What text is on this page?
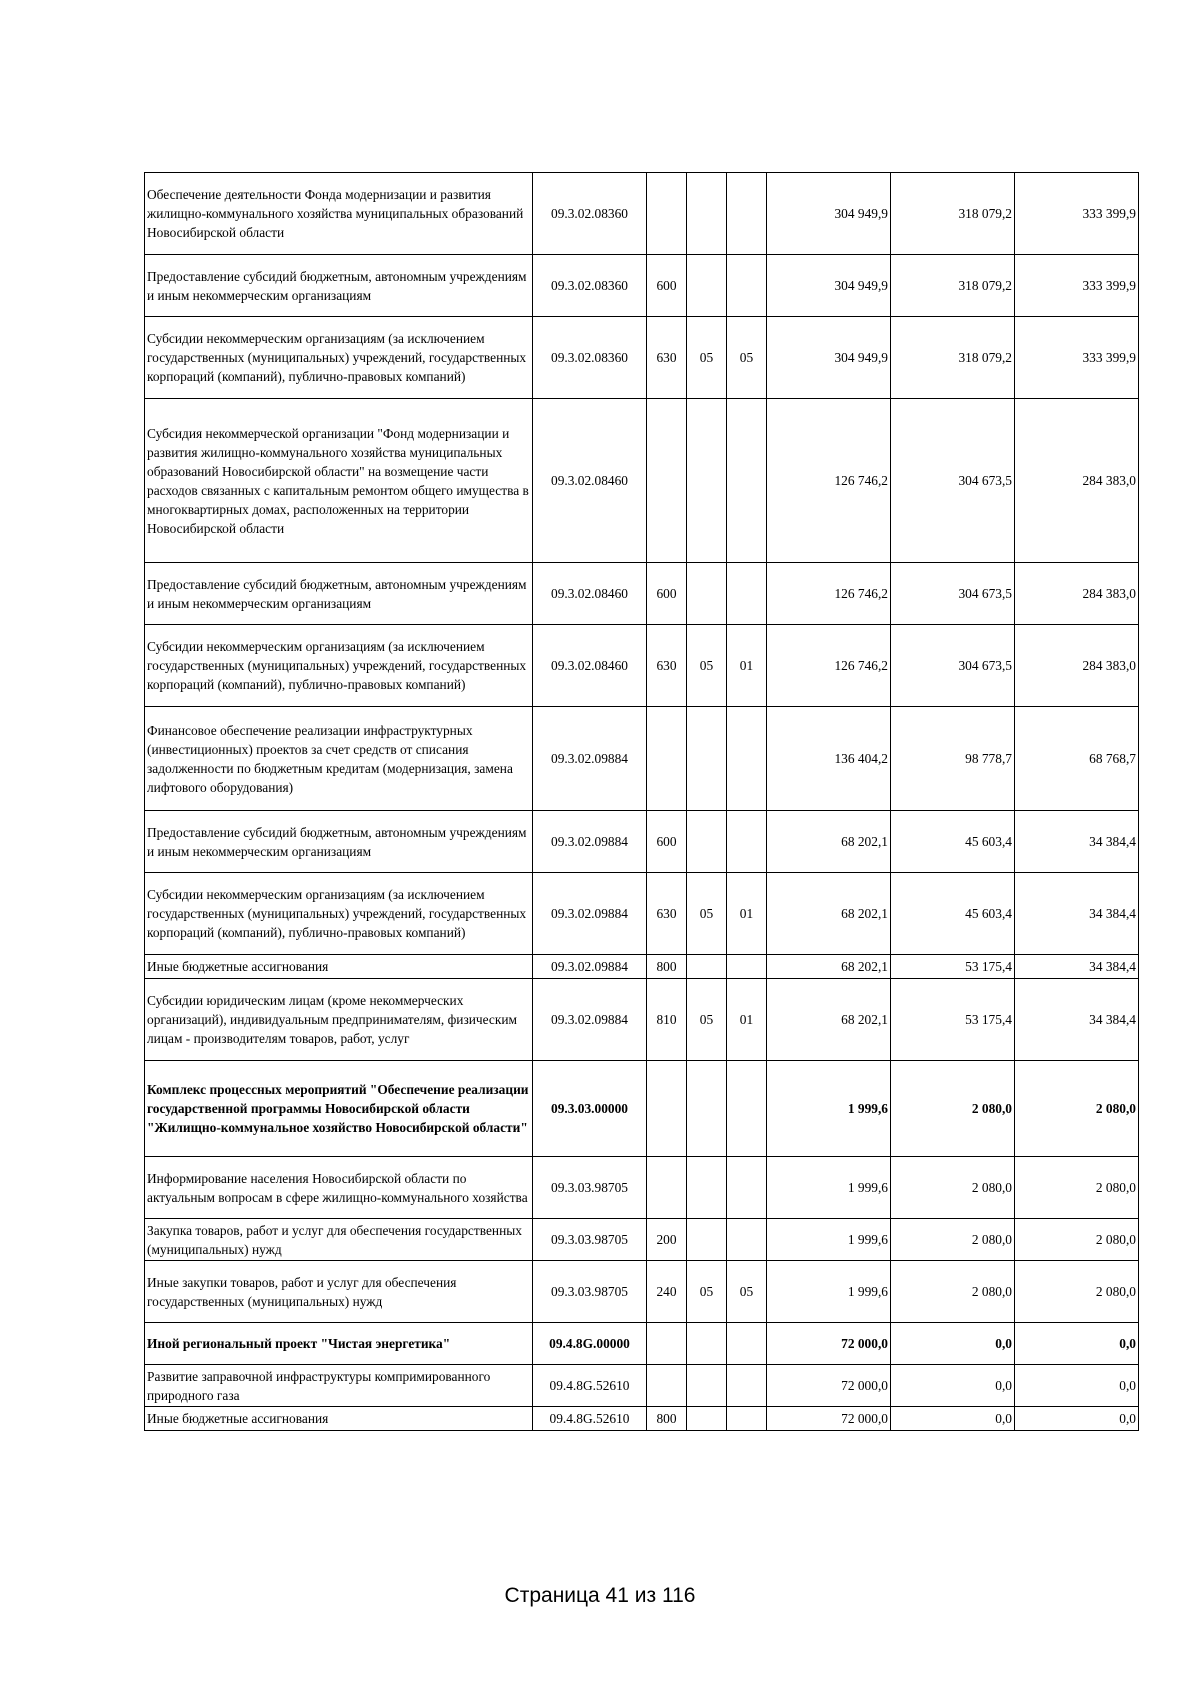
Обеспечение деятельности Фонда модернизации и развития жилищно-коммунального хозяйства муниципальных образований Новосибирской области	09.3.02.08360				304 949,9	318 079,2	333 399,9
Предоставление субсидий бюджетным, автономным учреждениям и иным некоммерческим организациям	09.3.02.08360	600			304 949,9	318 079,2	333 399,9
Субсидии некоммерческим организациям (за исключением государственных (муниципальных) учреждений, государственных корпораций (компаний), публично-правовых компаний)	09.3.02.08360	630	05	05	304 949,9	318 079,2	333 399,9
Субсидия некоммерческой организации "Фонд модернизации и развития жилищно-коммунального хозяйства муниципальных образований Новосибирской области" на возмещение части расходов связанных с капитальным ремонтом общего имущества в многоквартирных домах, расположенных на территории Новосибирской области	09.3.02.08460				126 746,2	304 673,5	284 383,0
Предоставление субсидий бюджетным, автономным учреждениям и иным некоммерческим организациям	09.3.02.08460	600			126 746,2	304 673,5	284 383,0
Субсидии некоммерческим организациям (за исключением государственных (муниципальных) учреждений, государственных корпораций (компаний), публично-правовых компаний)	09.3.02.08460	630	05	01	126 746,2	304 673,5	284 383,0
Финансовое обеспечение реализации инфраструктурных (инвестиционных) проектов за счет средств от списания задолженности по бюджетным кредитам (модернизация, замена лифтового оборудования)	09.3.02.09884				136 404,2	98 778,7	68 768,7
Предоставление субсидий бюджетным, автономным учреждениям и иным некоммерческим организациям	09.3.02.09884	600			68 202,1	45 603,4	34 384,4
Субсидии некоммерческим организациям (за исключением государственных (муниципальных) учреждений, государственных корпораций (компаний), публично-правовых компаний)	09.3.02.09884	630	05	01	68 202,1	45 603,4	34 384,4
Иные бюджетные ассигнования	09.3.02.09884	800			68 202,1	53 175,4	34 384,4
Субсидии юридическим лицам (кроме некоммерческих организаций), индивидуальным предпринимателям, физическим лицам - производителям товаров, работ, услуг	09.3.02.09884	810	05	01	68 202,1	53 175,4	34 384,4
Комплекс процессных мероприятий "Обеспечение реализации государственной программы Новосибирской области "Жилищно-коммунальное хозяйство Новосибирской области"	09.3.03.00000				1 999,6	2 080,0	2 080,0
Информирование населения Новосибирской области по актуальным вопросам в сфере жилищно-коммунального хозяйства	09.3.03.98705				1 999,6	2 080,0	2 080,0
Закупка товаров, работ и услуг для обеспечения государственных (муниципальных) нужд	09.3.03.98705	200			1 999,6	2 080,0	2 080,0
Иные закупки товаров, работ и услуг для обеспечения государственных (муниципальных) нужд	09.3.03.98705	240	05	05	1 999,6	2 080,0	2 080,0
Иной региональный проект "Чистая энергетика"	09.4.8G.00000				72 000,0	0,0	0,0
Развитие заправочной инфраструктуры компримированного природного газа	09.4.8G.52610				72 000,0	0,0	0,0
Иные бюджетные ассигнования	09.4.8G.52610	800			72 000,0	0,0	0,0
Страница 41 из 116
